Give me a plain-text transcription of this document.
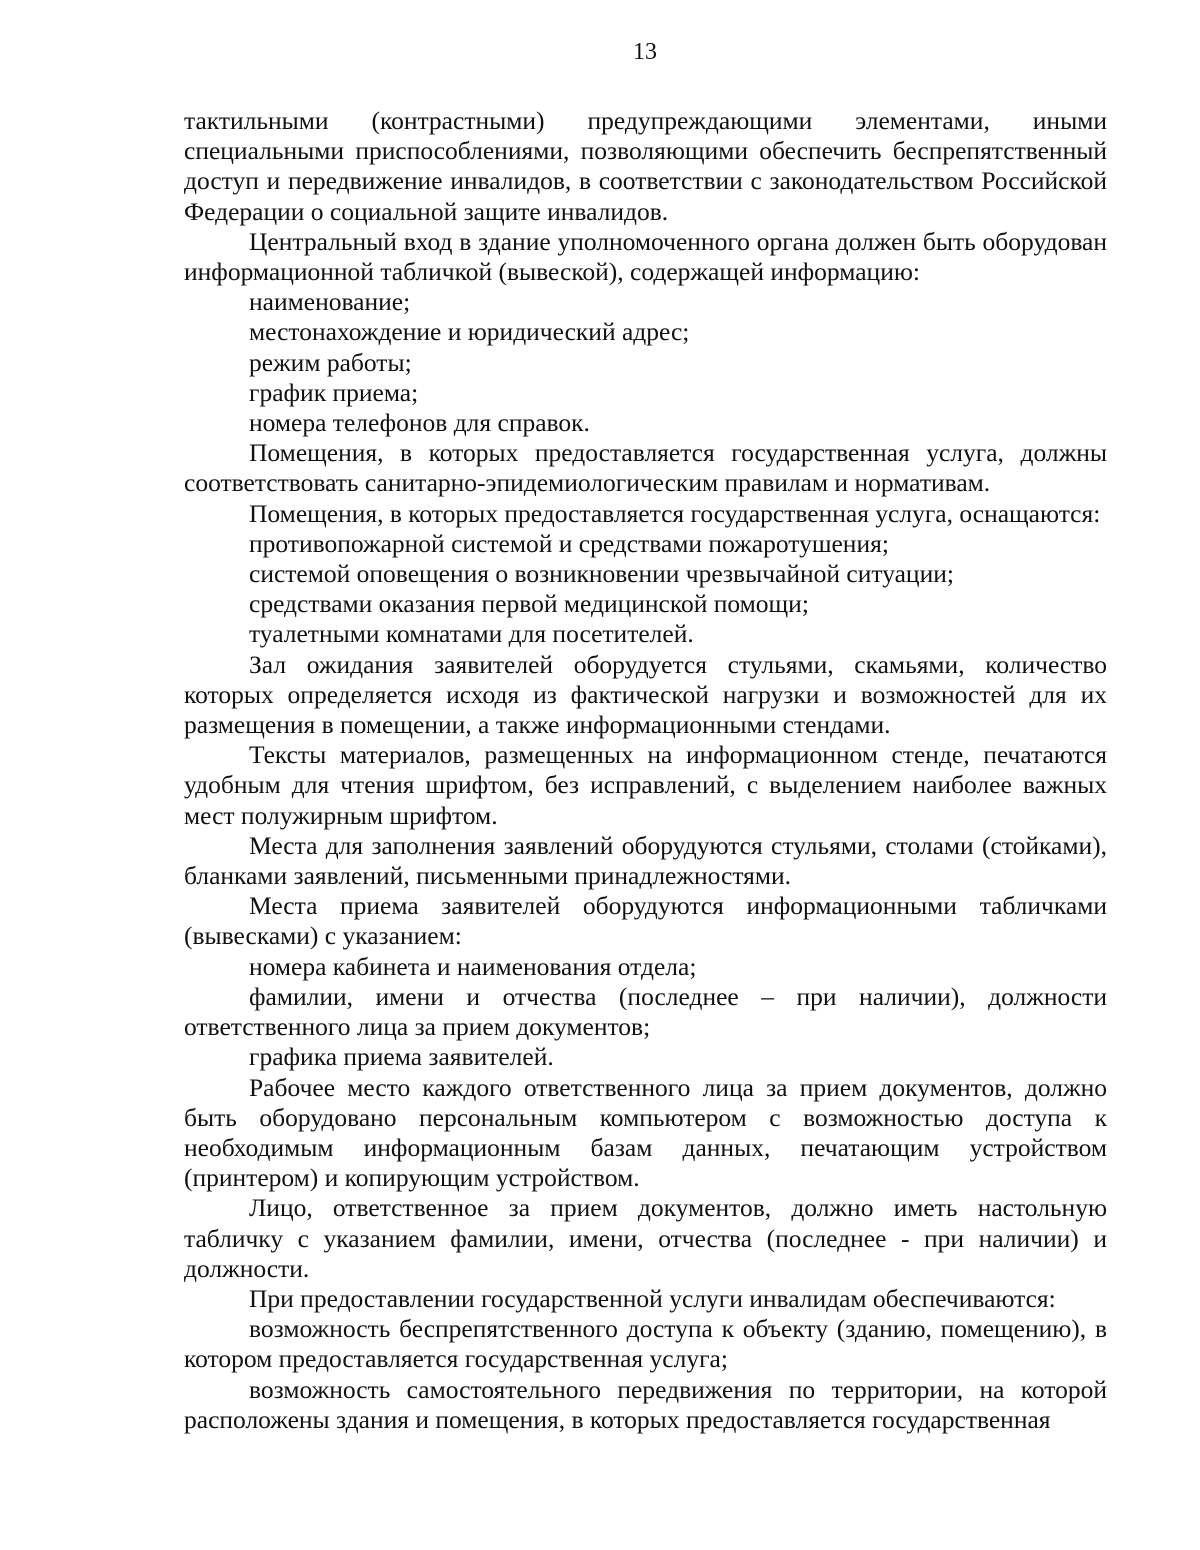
13

тактильными (контрастными) предупреждающими элементами, иными специальными приспособлениями, позволяющими обеспечить беспрепятственный доступ и передвижение инвалидов, в соответствии с законодательством Российской Федерации о социальной защите инвалидов.

Центральный вход в здание уполномоченного органа должен быть оборудован информационной табличкой (вывеской), содержащей информацию:

наименование;

местонахождение и юридический адрес;

режим работы;

график приема;

номера телефонов для справок.

Помещения, в которых предоставляется государственная услуга, должны соответствовать санитарно-эпидемиологическим правилам и нормативам.

Помещения, в которых предоставляется государственная услуга, оснащаются:

противопожарной системой и средствами пожаротушения;

системой оповещения о возникновении чрезвычайной ситуации;

средствами оказания первой медицинской помощи;

туалетными комнатами для посетителей.

Зал ожидания заявителей оборудуется стульями, скамьями, количество которых определяется исходя из фактической нагрузки и возможностей для их размещения в помещении, а также информационными стендами.

Тексты материалов, размещенных на информационном стенде, печатаются удобным для чтения шрифтом, без исправлений, с выделением наиболее важных мест полужирным шрифтом.

Места для заполнения заявлений оборудуются стульями, столами (стойками), бланками заявлений, письменными принадлежностями.

Места приема заявителей оборудуются информационными табличками (вывесками) с указанием:

номера кабинета и наименования отдела;

фамилии, имени и отчества (последнее – при наличии), должности ответственного лица за прием документов;

графика приема заявителей.

Рабочее место каждого ответственного лица за прием документов, должно быть оборудовано персональным компьютером с возможностью доступа к необходимым информационным базам данных, печатающим устройством (принтером) и копирующим устройством.

Лицо, ответственное за прием документов, должно иметь настольную табличку с указанием фамилии, имени, отчества (последнее - при наличии) и должности.

При предоставлении государственной услуги инвалидам обеспечиваются:

возможность беспрепятственного доступа к объекту (зданию, помещению), в котором предоставляется государственная услуга;

возможность самостоятельного передвижения по территории, на которой расположены здания и помещения, в которых предоставляется государственная
